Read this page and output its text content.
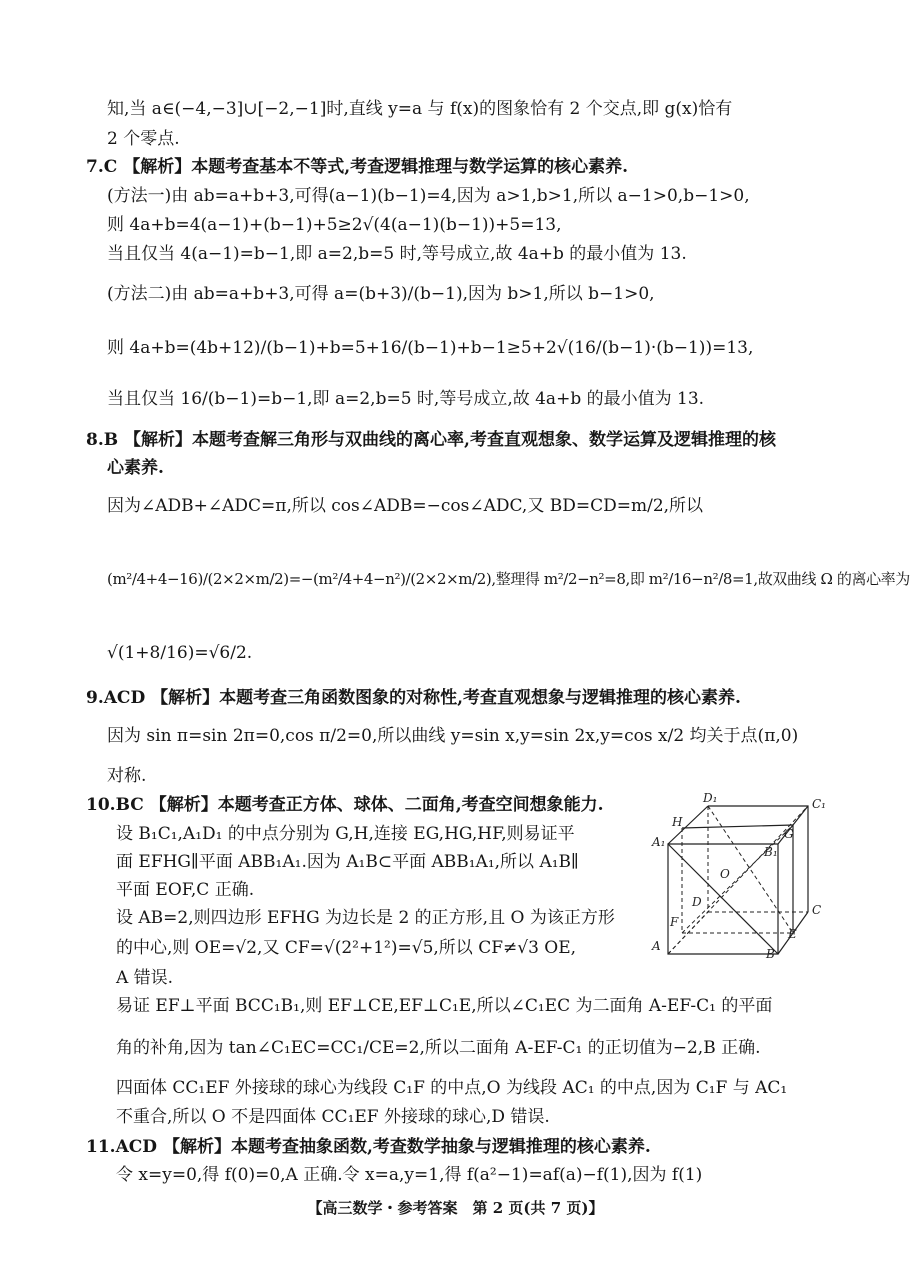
知,当 a∈(−4,−3]∪[−2,−1]时,直线 y=a 与 f(x)的图象恰有 2 个交点,即 g(x)恰有
2 个零点.
7.C 【解析】本题考查基本不等式,考查逻辑推理与数学运算的核心素养.
(方法一)由 ab=a+b+3,可得(a−1)(b−1)=4,因为 a>1,b>1,所以 a−1>0,b−1>0,
则 4a+b=4(a−1)+(b−1)+5≥2√(4(a−1)(b−1))+5=13,
当且仅当 4(a−1)=b−1,即 a=2,b=5 时,等号成立,故 4a+b 的最小值为 13.
(方法二)由 ab=a+b+3,可得 a=(b+3)/(b−1),因为 b>1,所以 b−1>0,
则 4a+b=(4b+12)/(b−1)+b=5+16/(b−1)+b−1≥5+2√(16/(b−1)·(b−1))=13,
当且仅当 16/(b−1)=b−1,即 a=2,b=5 时,等号成立,故 4a+b 的最小值为 13.
8.B 【解析】本题考查解三角形与双曲线的离心率,考查直观想象、数学运算及逻辑推理的核
心素养.
因为∠ADB+∠ADC=π,所以 cos∠ADB=−cos∠ADC,又 BD=CD=m/2,所以
(m²/4+4−16)/(2×2×m/2)=−(m²/4+4−n²)/(2×2×m/2),整理得 m²/2−n²=8,即 m²/16−n²/8=1,故双曲线 Ω 的离心率为
√(1+8/16)=√6/2.
9.ACD 【解析】本题考查三角函数图象的对称性,考查直观想象与逻辑推理的核心素养.
因为 sin π=sin 2π=0,cos π/2=0,所以曲线 y=sin x,y=sin 2x,y=cos x/2 均关于点(π,0)
对称.
10.BC 【解析】本题考查正方体、球体、二面角,考查空间想象能力.
设 B₁C₁,A₁D₁ 的中点分别为 G,H,连接 EG,HG,HF,则易证平
面 EFHG∥平面 ABB₁A₁.因为 A₁B⊂平面 ABB₁A₁,所以 A₁B∥
平面 EOF,C 正确.
设 AB=2,则四边形 EFHG 为边长是 2 的正方形,且 O 为该正方形
的中心,则 OE=√2,又 CF=√(2²+1²)=√5,所以 CF≠√3 OE,
A 错误.
易证 EF⊥平面 BCC₁B₁,则 EF⊥CE,EF⊥C₁E,所以∠C₁EC 为二面角 A-EF-C₁ 的平面
角的补角,因为 tan∠C₁EC=CC₁/CE=2,所以二面角 A-EF-C₁ 的正切值为−2,B 正确.
四面体 CC₁EF 外接球的球心为线段 C₁F 的中点,O 为线段 AC₁ 的中点,因为 C₁F 与 AC₁
不重合,所以 O 不是四面体 CC₁EF 外接球的球心,D 错误.
11.ACD 【解析】本题考查抽象函数,考查数学抽象与逻辑推理的核心素养.
令 x=y=0,得 f(0)=0,A 正确.令 x=a,y=1,得 f(a²−1)=af(a)−f(1),因为 f(1)
D₁	C₁
H
G
A₁
B₁
O
D
C
F
E
A
B
【高三数学・参考答案　第 2 页(共 7 页)】
